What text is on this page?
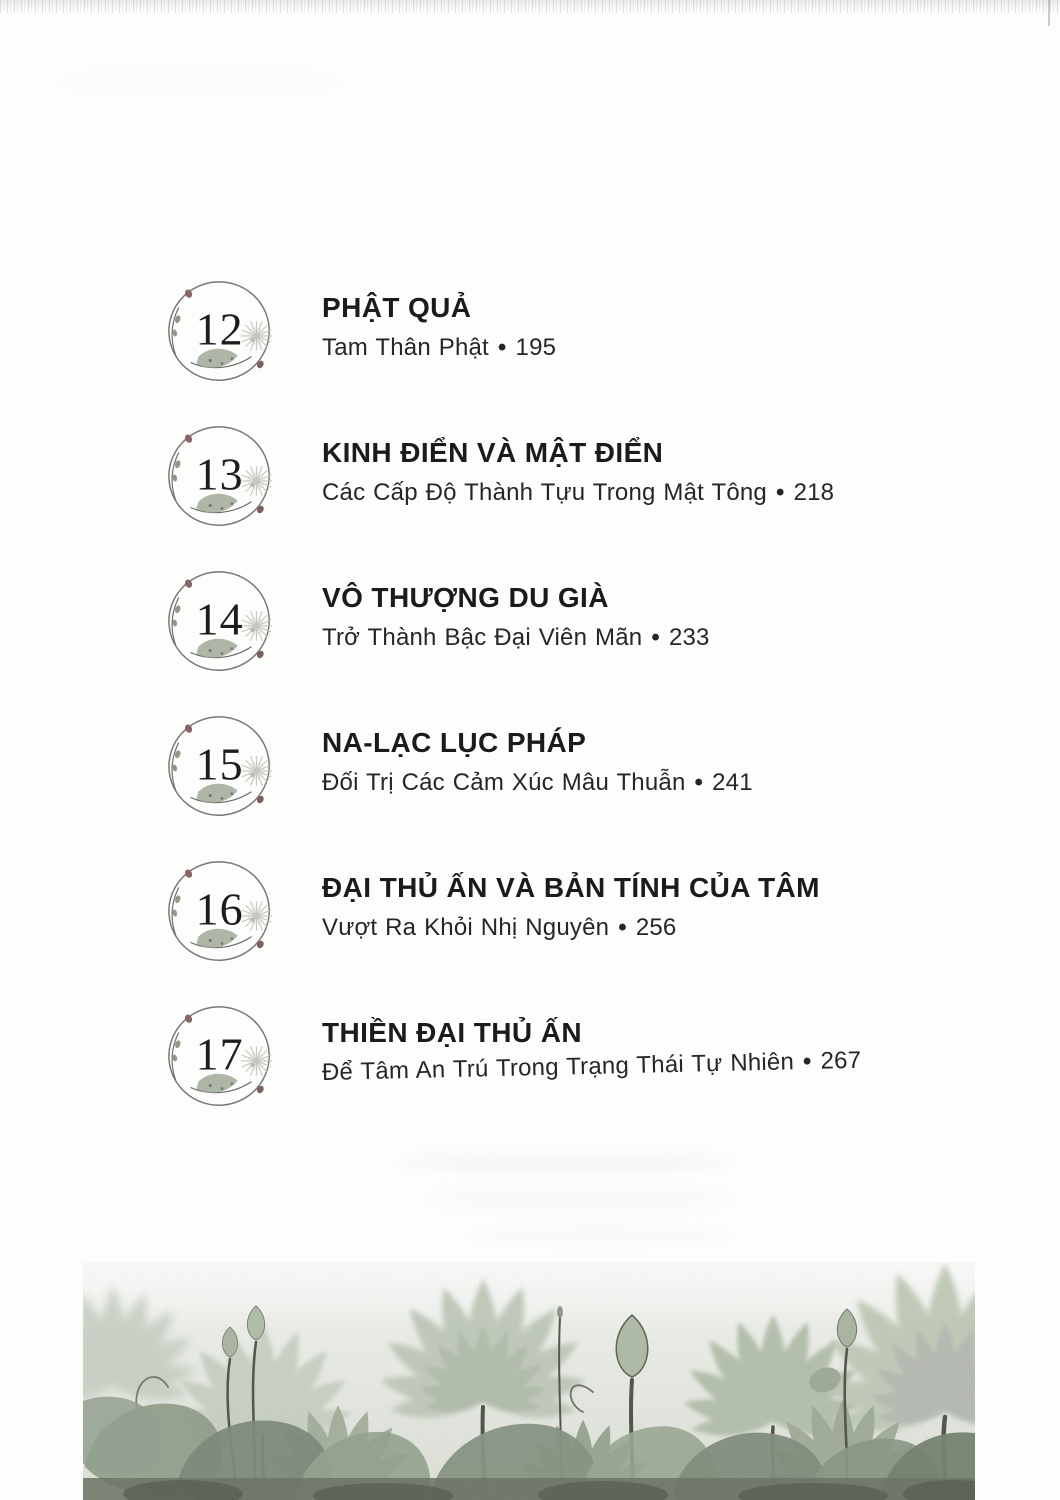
12	PHẬT QUẢ
Tam Thân Phật • 195
13	KINH ĐIỂN VÀ MẬT ĐIỂN
Các Cấp Độ Thành Tựu Trong Mật Tông • 218
14	VÔ THƯỢNG DU GIÀ
Trở Thành Bậc Đại Viên Mãn • 233
15	NA-LẠC LỤC PHÁP
Đối Trị Các Cảm Xúc Mâu Thuẫn • 241
16	ĐẠI THỦ ẤN VÀ BẢN TÍNH CỦA TÂM
Vượt Ra Khỏi Nhị Nguyên • 256
17	THIỀN ĐẠI THỦ ẤN
Để Tâm An Trú Trong Trạng Thái Tự Nhiên • 267
